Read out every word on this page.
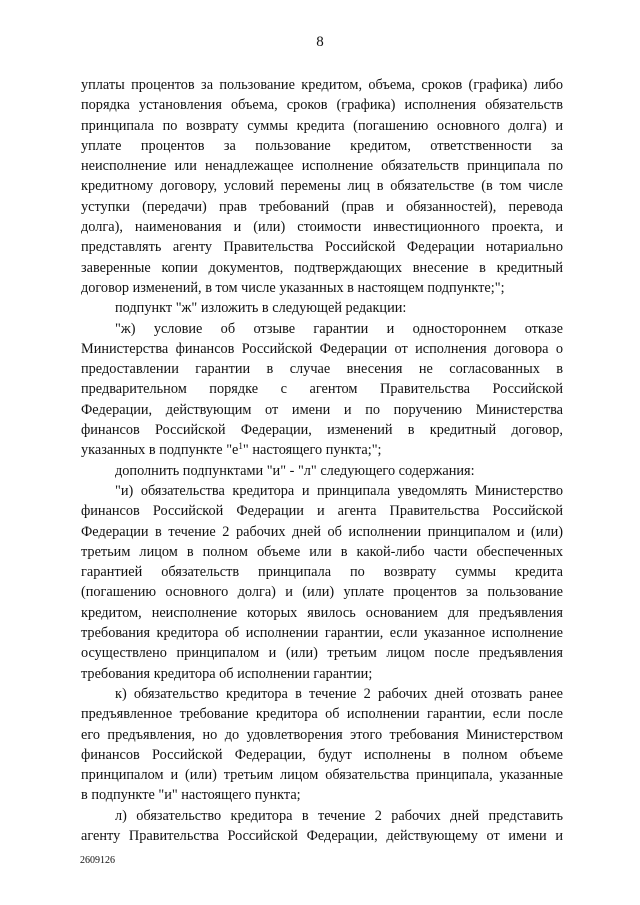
8
уплаты процентов за пользование кредитом, объема, сроков (графика) либо
порядка установления объема, сроков (графика) исполнения обязательств
принципала по возврату суммы кредита (погашению основного долга) и
уплате процентов за пользование кредитом, ответственности за
неисполнение или ненадлежащее исполнение обязательств принципала по
кредитному договору, условий перемены лиц в обязательстве (в том числе
уступки (передачи) прав требований (прав и обязанностей), перевода
долга), наименования и (или) стоимости инвестиционного проекта, и
представлять агенту Правительства Российской Федерации нотариально
заверенные копии документов, подтверждающих внесение в кредитный
договор изменений, в том числе указанных в настоящем подпункте;";
подпункт "ж" изложить в следующей редакции:
"ж) условие об отзыве гарантии и одностороннем отказе
Министерства финансов Российской Федерации от исполнения договора о
предоставлении гарантии в случае внесения не согласованных в
предварительном порядке с агентом Правительства Российской
Федерации, действующим от имени и по поручению Министерства
финансов Российской Федерации, изменений в кредитный договор,
указанных в подпункте "$е^1$" настоящего пункта;";
дополнить подпунктами "и" - "л" следующего содержания:
"и) обязательства кредитора и принципала уведомлять Министерство
финансов Российской Федерации и агента Правительства Российской
Федерации в течение 2 рабочих дней об исполнении принципалом и (или)
третьим лицом в полном объеме или в какой-либо части обеспеченных
гарантией обязательств принципала по возврату суммы кредита
(погашению основного долга) и (или) уплате процентов за пользование
кредитом, неисполнение которых явилось основанием для предъявления
требования кредитора об исполнении гарантии, если указанное исполнение
осуществлено принципалом и (или) третьим лицом после предъявления
требования кредитора об исполнении гарантии;
к) обязательство кредитора в течение 2 рабочих дней отозвать ранее
предъявленное требование кредитора об исполнении гарантии, если после
его предъявления, но до удовлетворения этого требования Министерством
финансов Российской Федерации, будут исполнены в полном объеме
принципалом и (или) третьим лицом обязательства принципала, указанные
в подпункте "и" настоящего пункта;
л) обязательство кредитора в течение 2 рабочих дней представить
агенту Правительства Российской Федерации, действующему от имени и
2609126
